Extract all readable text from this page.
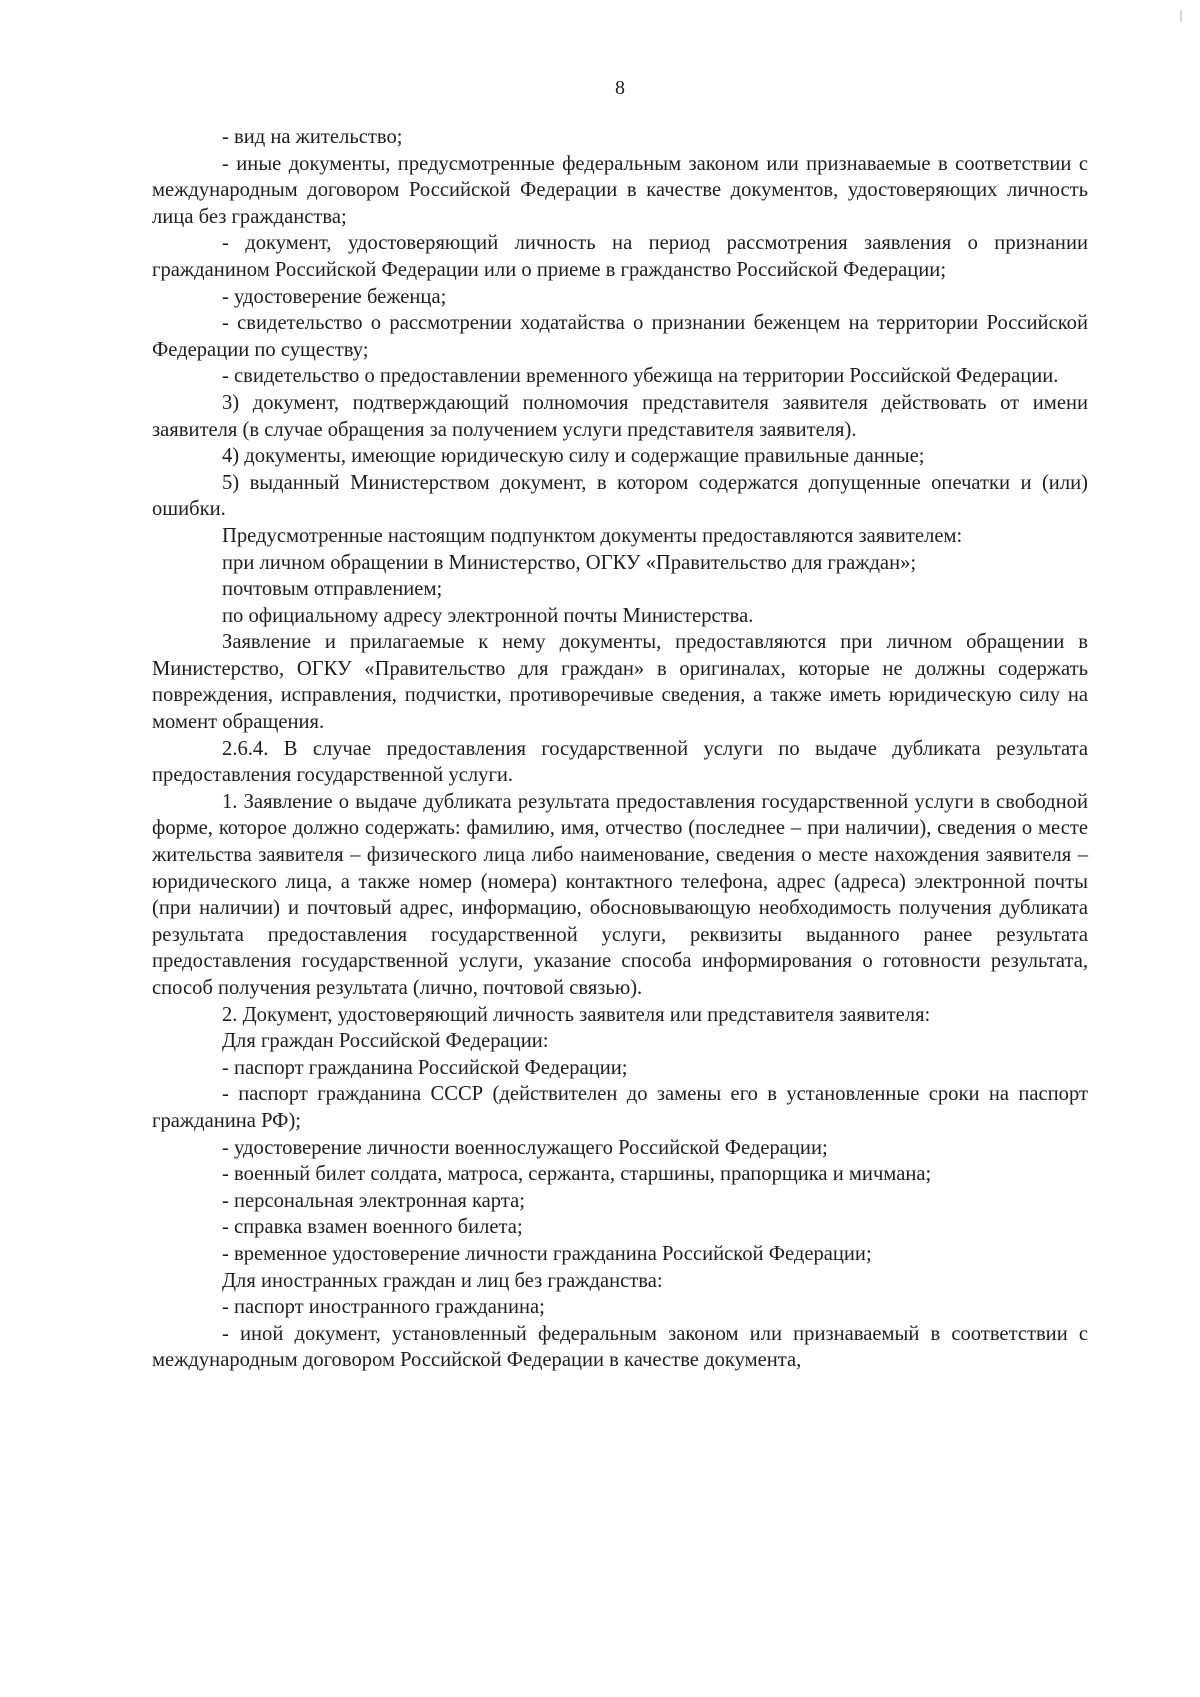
8

- вид на жительство;

- иные документы, предусмотренные федеральным законом или признаваемые в соответствии с международным договором Российской Федерации в качестве документов, удостоверяющих личность лица без гражданства;

- документ, удостоверяющий личность на период рассмотрения заявления о признании гражданином Российской Федерации или о приеме в гражданство Российской Федерации;

- удостоверение беженца;

- свидетельство о рассмотрении ходатайства о признании беженцем на территории Российской Федерации по существу;

- свидетельство о предоставлении временного убежища на территории Российской Федерации.

3) документ, подтверждающий полномочия представителя заявителя действовать от имени заявителя (в случае обращения за получением услуги представителя заявителя).

4) документы, имеющие юридическую силу и содержащие правильные данные;

5) выданный Министерством документ, в котором содержатся допущенные опечатки и (или) ошибки.

Предусмотренные настоящим подпунктом документы предоставляются заявителем:

при личном обращении в Министерство, ОГКУ «Правительство для граждан»;

почтовым отправлением;

по официальному адресу электронной почты Министерства.

Заявление и прилагаемые к нему документы, предоставляются при личном обращении в Министерство, ОГКУ «Правительство для граждан» в оригиналах, которые не должны содержать повреждения, исправления, подчистки, противоречивые сведения, а также иметь юридическую силу на момент обращения.

2.6.4. В случае предоставления государственной услуги по выдаче дубликата результата предоставления государственной услуги.

1. Заявление о выдаче дубликата результата предоставления государственной услуги в свободной форме, которое должно содержать: фамилию, имя, отчество (последнее – при наличии), сведения о месте жительства заявителя – физического лица либо наименование, сведения о месте нахождения заявителя – юридического лица, а также номер (номера) контактного телефона, адрес (адреса) электронной почты (при наличии) и почтовый адрес, информацию, обосновывающую необходимость получения дубликата результата предоставления государственной услуги, реквизиты выданного ранее результата предоставления государственной услуги, указание способа информирования о готовности результата, способ получения результата (лично, почтовой связью).

2. Документ, удостоверяющий личность заявителя или представителя заявителя:

Для граждан Российской Федерации:

- паспорт гражданина Российской Федерации;

- паспорт гражданина СССР (действителен до замены его в установленные сроки на паспорт гражданина РФ);

- удостоверение личности военнослужащего Российской Федерации;

- военный билет солдата, матроса, сержанта, старшины, прапорщика и мичмана;

- персональная электронная карта;

- справка взамен военного билета;

- временное удостоверение личности гражданина Российской Федерации;

Для иностранных граждан и лиц без гражданства:

- паспорт иностранного гражданина;

- иной документ, установленный федеральным законом или признаваемый в соответствии с международным договором Российской Федерации в качестве документа,
